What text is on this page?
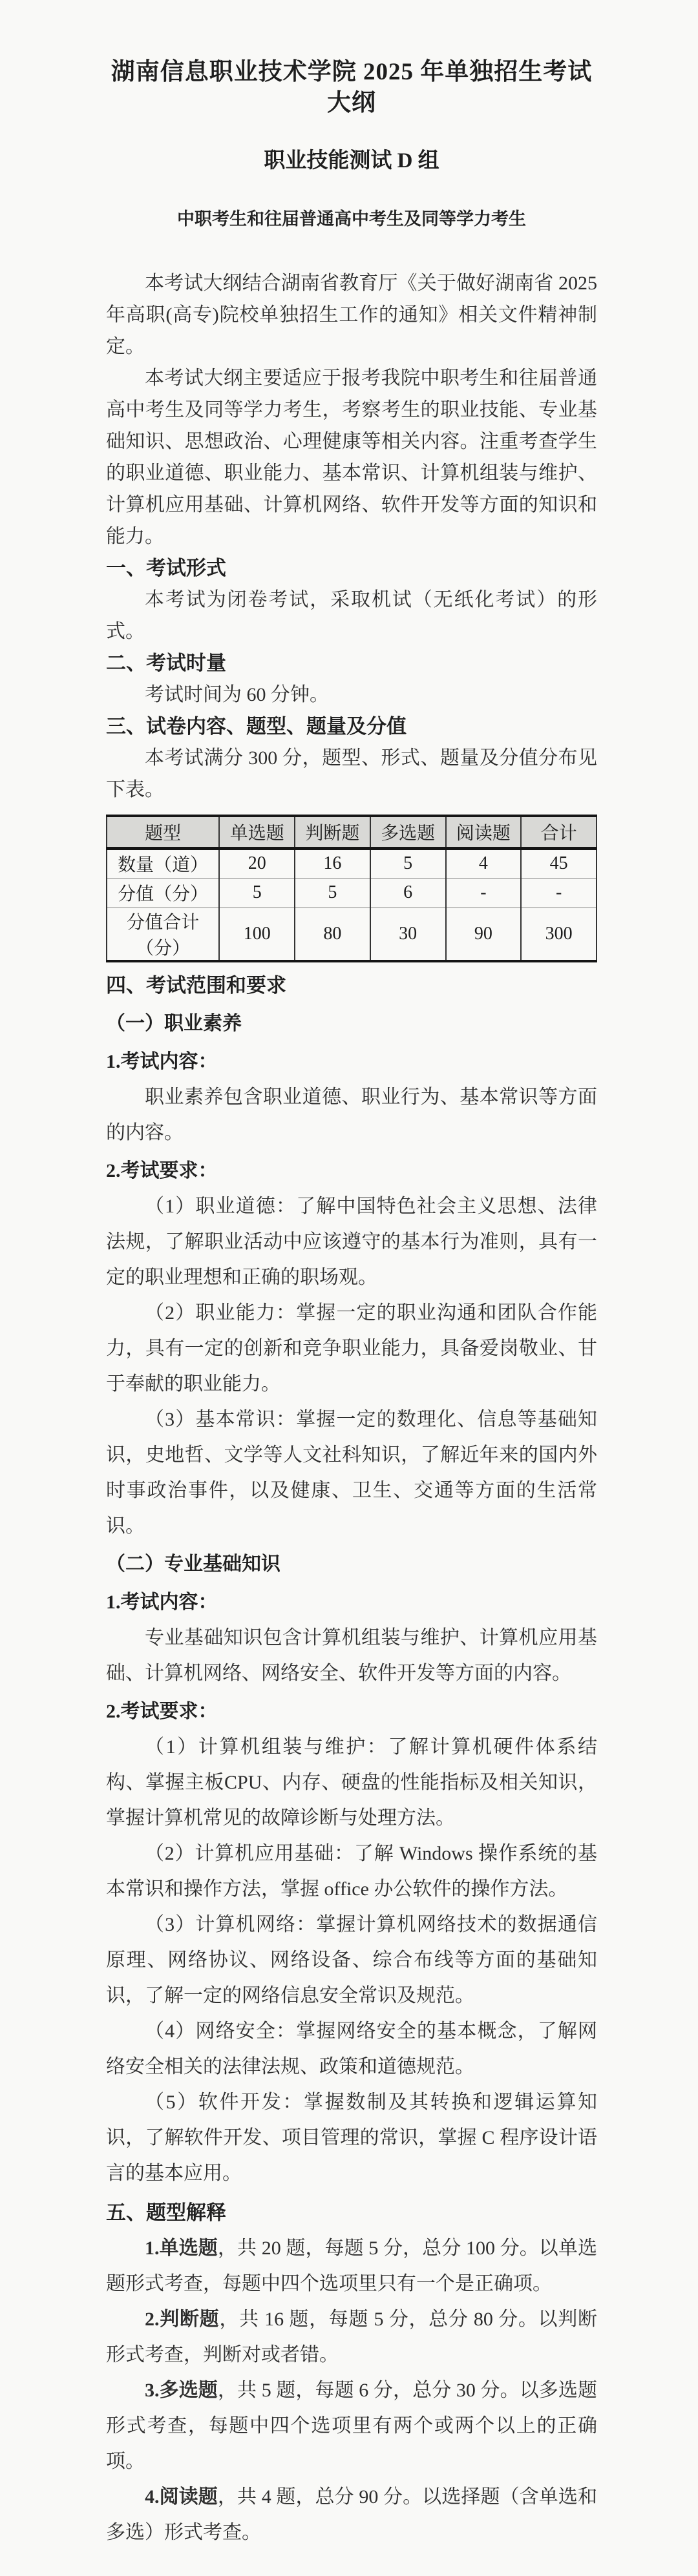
湖南信息职业技术学院 2025 年单独招生考试大纲
职业技能测试 D 组
中职考生和往届普通高中考生及同等学力考生

本考试大纲结合湖南省教育厅《关于做好湖南省 2025 年高职(高专)院校单独招生工作的通知》相关文件精神制定。

本考试大纲主要适应于报考我院中职考生和往届普通高中考生及同等学力考生，考察考生的职业技能、专业基础知识、思想政治、心理健康等相关内容。注重考查学生的职业道德、职业能力、基本常识、计算机组装与维护、计算机应用基础、计算机网络、软件开发等方面的知识和能力。

一、考试形式

本考试为闭卷考试，采取机试（无纸化考试）的形式。

二、考试时量

考试时间为 60 分钟。

三、试卷内容、题型、题量及分值

本考试满分 300 分，题型、形式、题量及分值分布见下表。

题型	单选题	判断题	多选题	阅读题	合计
数量（道）	20	16	5	4	45
分值（分）	5	5	6	-	-
分值合计（分）	100	80	30	90	300
四、考试范围和要求
（一）职业素养
1.考试内容：

职业素养包含职业道德、职业行为、基本常识等方面的内容。

2.考试要求：

（1）职业道德：了解中国特色社会主义思想、法律法规，了解职业活动中应该遵守的基本行为准则，具有一定的职业理想和正确的职场观。

（2）职业能力：掌握一定的职业沟通和团队合作能力，具有一定的创新和竞争职业能力，具备爱岗敬业、甘于奉献的职业能力。

（3）基本常识：掌握一定的数理化、信息等基础知识，史地哲、文学等人文社科知识，了解近年来的国内外时事政治事件，以及健康、卫生、交通等方面的生活常识。

（二）专业基础知识
1.考试内容：

专业基础知识包含计算机组装与维护、计算机应用基础、计算机网络、网络安全、软件开发等方面的内容。

2.考试要求：

（1）计算机组装与维护：了解计算机硬件体系结构、掌握主板CPU、内存、硬盘的性能指标及相关知识，掌握计算机常见的故障诊断与处理方法。

（2）计算机应用基础：了解 Windows 操作系统的基本常识和操作方法，掌握 office 办公软件的操作方法。

（3）计算机网络：掌握计算机网络技术的数据通信原理、网络协议、网络设备、综合布线等方面的基础知识，了解一定的网络信息安全常识及规范。

（4）网络安全：掌握网络安全的基本概念，了解网络安全相关的法律法规、政策和道德规范。

（5）软件开发：掌握数制及其转换和逻辑运算知识，了解软件开发、项目管理的常识，掌握 C 程序设计语言的基本应用。

五、题型解释

1.单选题，共 20 题，每题 5 分，总分 100 分。以单选题形式考查，每题中四个选项里只有一个是正确项。

2.判断题，共 16 题，每题 5 分，总分 80 分。以判断形式考查，判断对或者错。

3.多选题，共 5 题，每题 6 分，总分 30 分。以多选题形式考查，每题中四个选项里有两个或两个以上的正确项。

4.阅读题，共 4 题，总分 90 分。以选择题（含单选和多选）形式考查。
